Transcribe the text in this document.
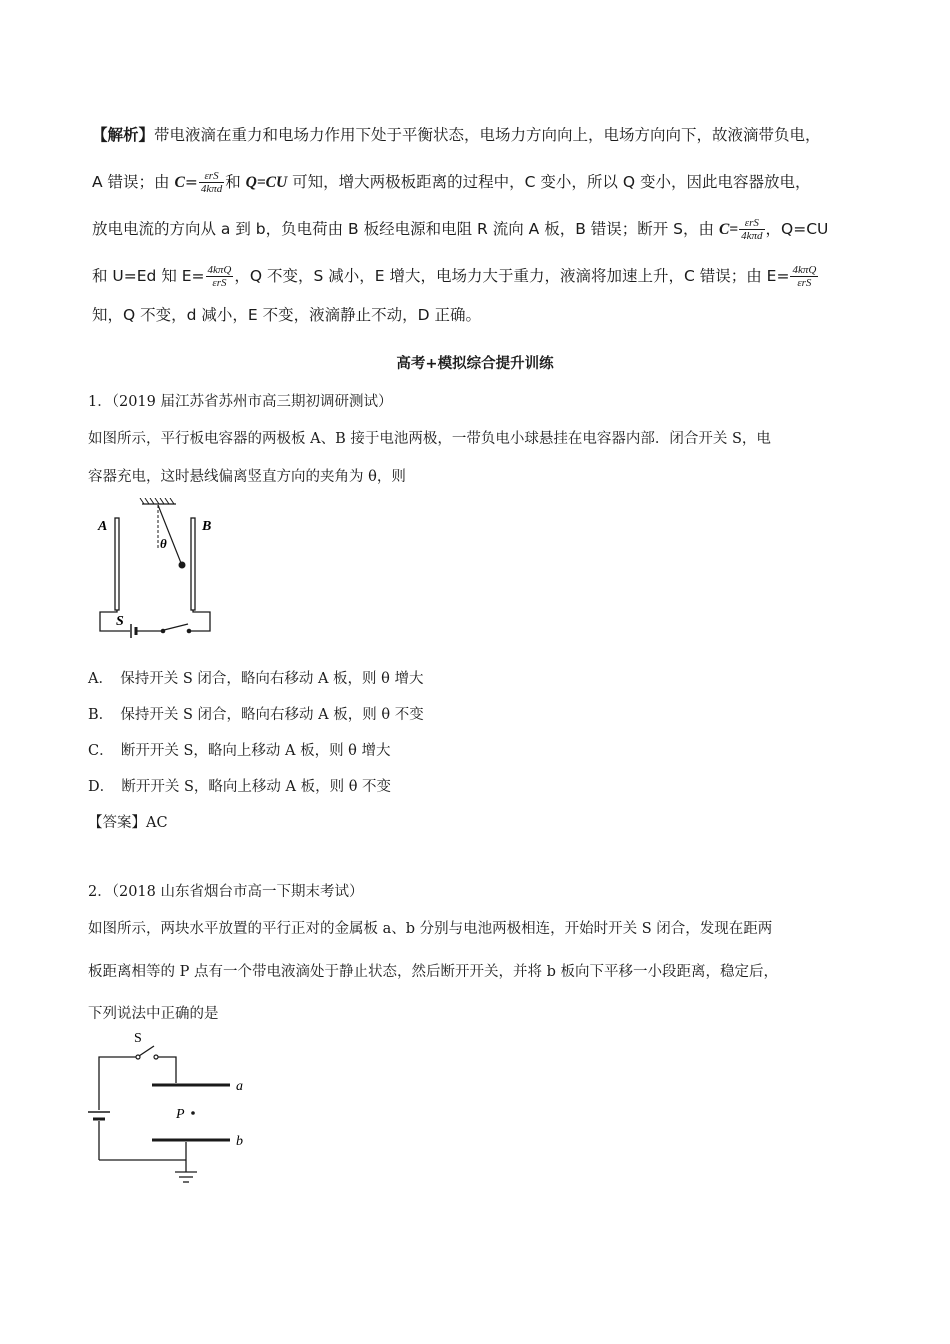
【解析】带电液滴在重力和电场力作用下处于平衡状态，电场力方向向上，电场方向向下，故液滴带负电，

A 错误；由 $C= \frac{\text{εrS}}{\text{4kπd}}$ 和 Q=CU 可知，增大两极板距离的过程中，C 变小，所以 Q 变小，因此电容器放电，

放电电流的方向从 a 到 b，负电荷由 B 板经电源和电阻 R 流向 A 板，B 错误；断开 S，由 $C= \frac{\text{εrS}}{\text{4kπd}}$ ，Q=CU

和 U=Ed 知 $E= \frac{\text{4kπQ}}{\text{εrS}}$ ，Q 不变，S 减小，E 增大，电场力大于重力，液滴将加速上升，C 错误；由 $E= \frac{\text{4kπQ}}{\text{εrS}}$

知，Q 不变，d 减小，E 不变，液滴静止不动，D 正确。

高考+模拟综合提升训练
1．（2019 届江苏省苏州市高三期初调研测试）
如图所示，平行板电容器的两极板 A、B 接于电池两极，一带负电小球悬挂在电容器内部．闭合开关 S，电
容器充电，这时悬线偏离竖直方向的夹角为 θ，则
A	B
θ
S
A．　保持开关 S 闭合，略向右移动 A 板，则 θ 增大
B．　保持开关 S 闭合，略向右移动 A 板，则 θ 不变
C．　断开开关 S，略向上移动 A 板，则 θ 增大
D．　断开开关 S，略向上移动 A 板，则 θ 不变
【答案】AC
2．（2018 山东省烟台市高一下期末考试）
如图所示，两块水平放置的平行正对的金属板 a、b 分别与电池两极相连，开始时开关 S 闭合，发现在距两
板距离相等的 P 点有一个带电液滴处于静止状态，然后断开开关，并将 b 板向下平移一小段距离，稳定后，
下列说法中正确的是
S
a
b
P
